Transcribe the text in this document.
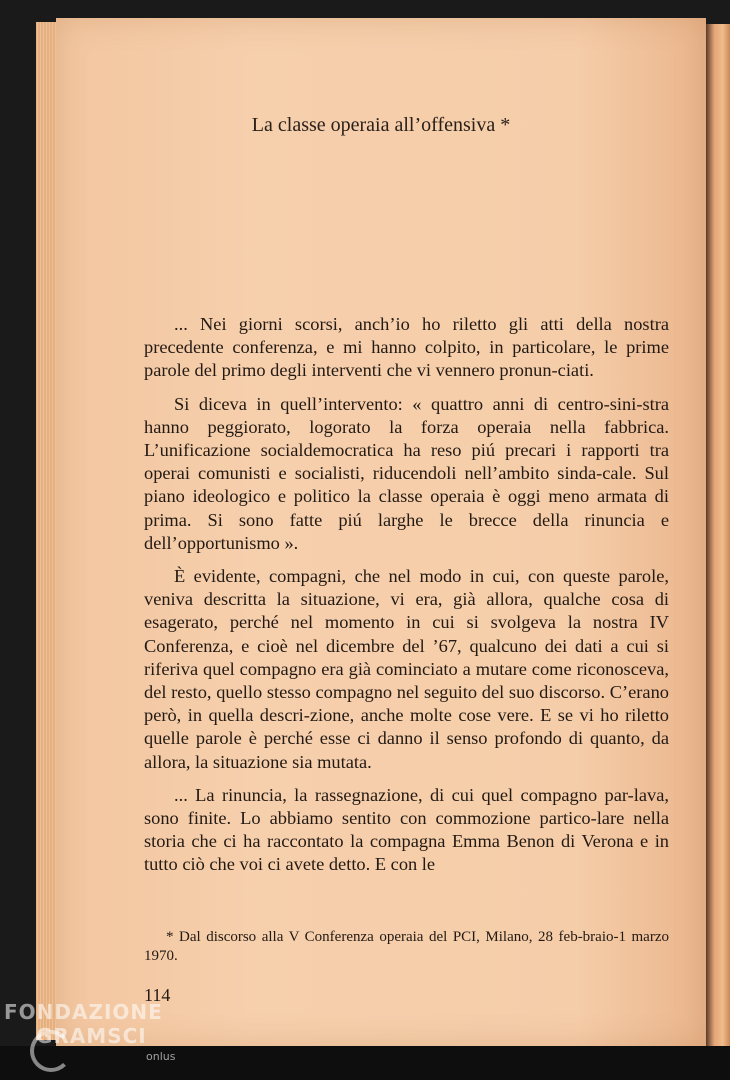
La classe operaia all’offensiva *

... Nei giorni scorsi, anch’io ho riletto gli atti della nostra precedente conferenza, e mi hanno colpito, in particolare, le prime parole del primo degli interventi che vi vennero pronun-ciati.

Si diceva in quell’intervento: « quattro anni di centro-sini-stra hanno peggiorato, logorato la forza operaia nella fabbrica. L’unificazione socialdemocratica ha reso piú precari i rapporti tra operai comunisti e socialisti, riducendoli nell’ambito sinda-cale. Sul piano ideologico e politico la classe operaia è oggi meno armata di prima. Si sono fatte piú larghe le brecce della rinuncia e dell’opportunismo ».

È evidente, compagni, che nel modo in cui, con queste parole, veniva descritta la situazione, vi era, già allora, qualche cosa di esagerato, perché nel momento in cui si svolgeva la nostra IV Conferenza, e cioè nel dicembre del ’67, qualcuno dei dati a cui si riferiva quel compagno era già cominciato a mutare come riconosceva, del resto, quello stesso compagno nel seguito del suo discorso. C’erano però, in quella descri-zione, anche molte cose vere. E se vi ho riletto quelle parole è perché esse ci danno il senso profondo di quanto, da allora, la situazione sia mutata.

... La rinuncia, la rassegnazione, di cui quel compagno par-lava, sono finite. Lo abbiamo sentito con commozione partico-lare nella storia che ci ha raccontato la compagna Emma Benon di Verona e in tutto ciò che voi ci avete detto. E con le

* Dal discorso alla V Conferenza operaia del PCI, Milano, 28 feb-braio-1 marzo 1970.
114
FONDAZIONE
GRAMSCI
onlus
